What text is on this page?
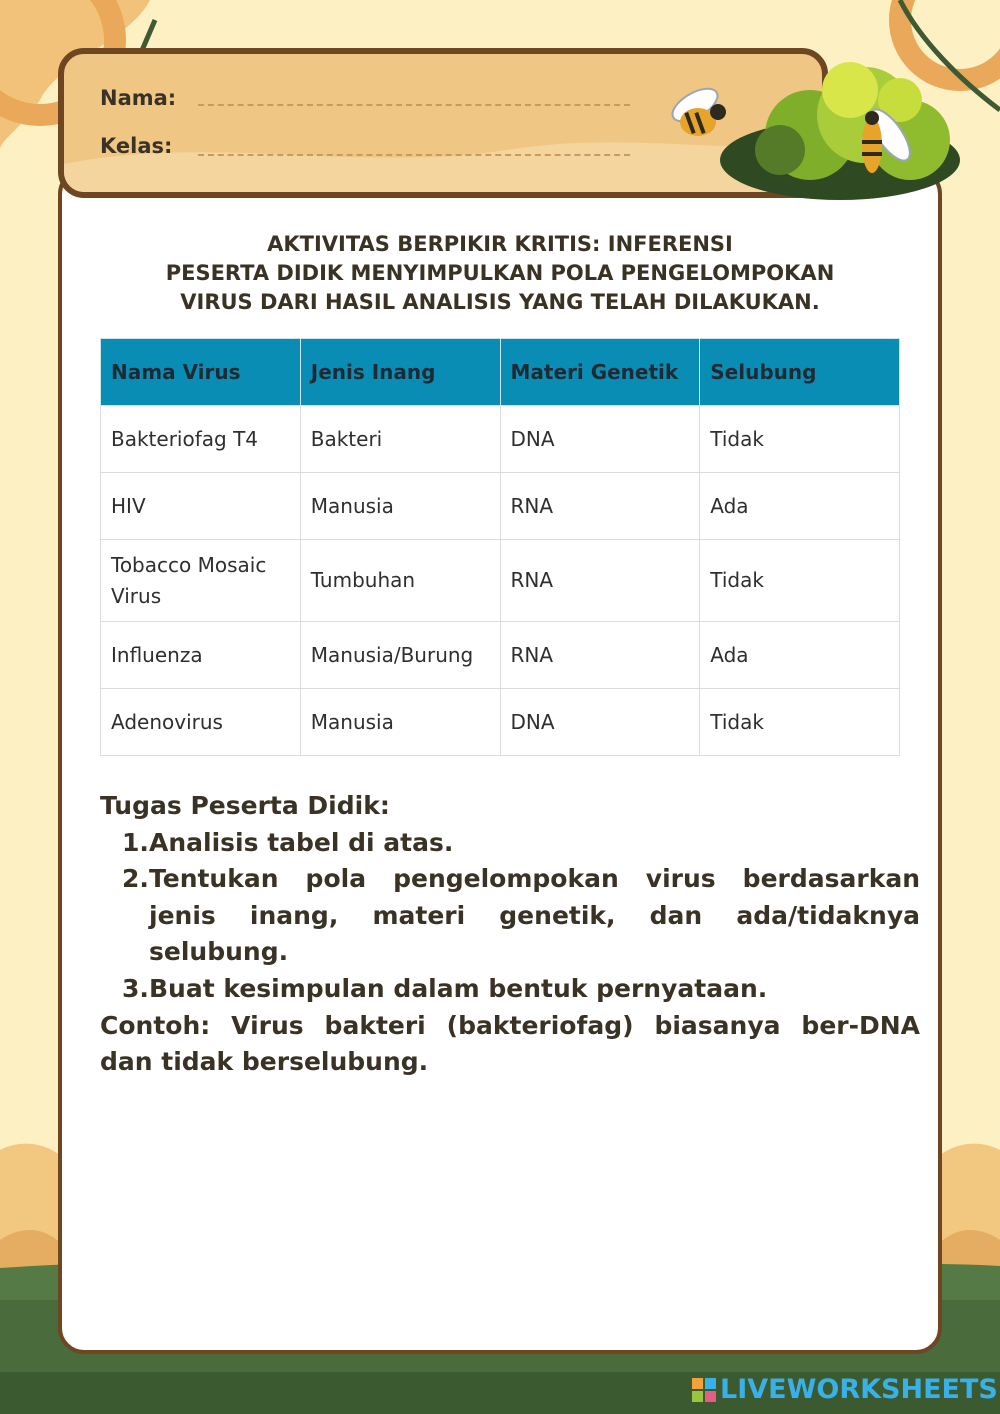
Nama:
Kelas:
AKTIVITAS BERPIKIR KRITIS: INFERENSI
PESERTA DIDIK MENYIMPULKAN POLA PENGELOMPOKAN
VIRUS DARI HASIL ANALISIS YANG TELAH DILAKUKAN.
Nama Virus	Jenis Inang	Materi Genetik	Selubung
Bakteriofag T4	Bakteri	DNA	Tidak
HIV	Manusia	RNA	Ada
Tobacco Mosaic Virus	Tumbuhan	RNA	Tidak
Influenza	Manusia/Burung	RNA	Ada
Adenovirus	Manusia	DNA	Tidak
Tugas Peserta Didik:
1. Analisis tabel di atas.
2. Tentukan pola pengelompokan virus berdasarkan jenis inang, materi genetik, dan ada/tidaknya selubung.
3. Buat kesimpulan dalam bentuk pernyataan.
Contoh: Virus bakteri (bakteriofag) biasanya ber-DNA dan tidak berselubung.
LIVEWORKSHEETS
